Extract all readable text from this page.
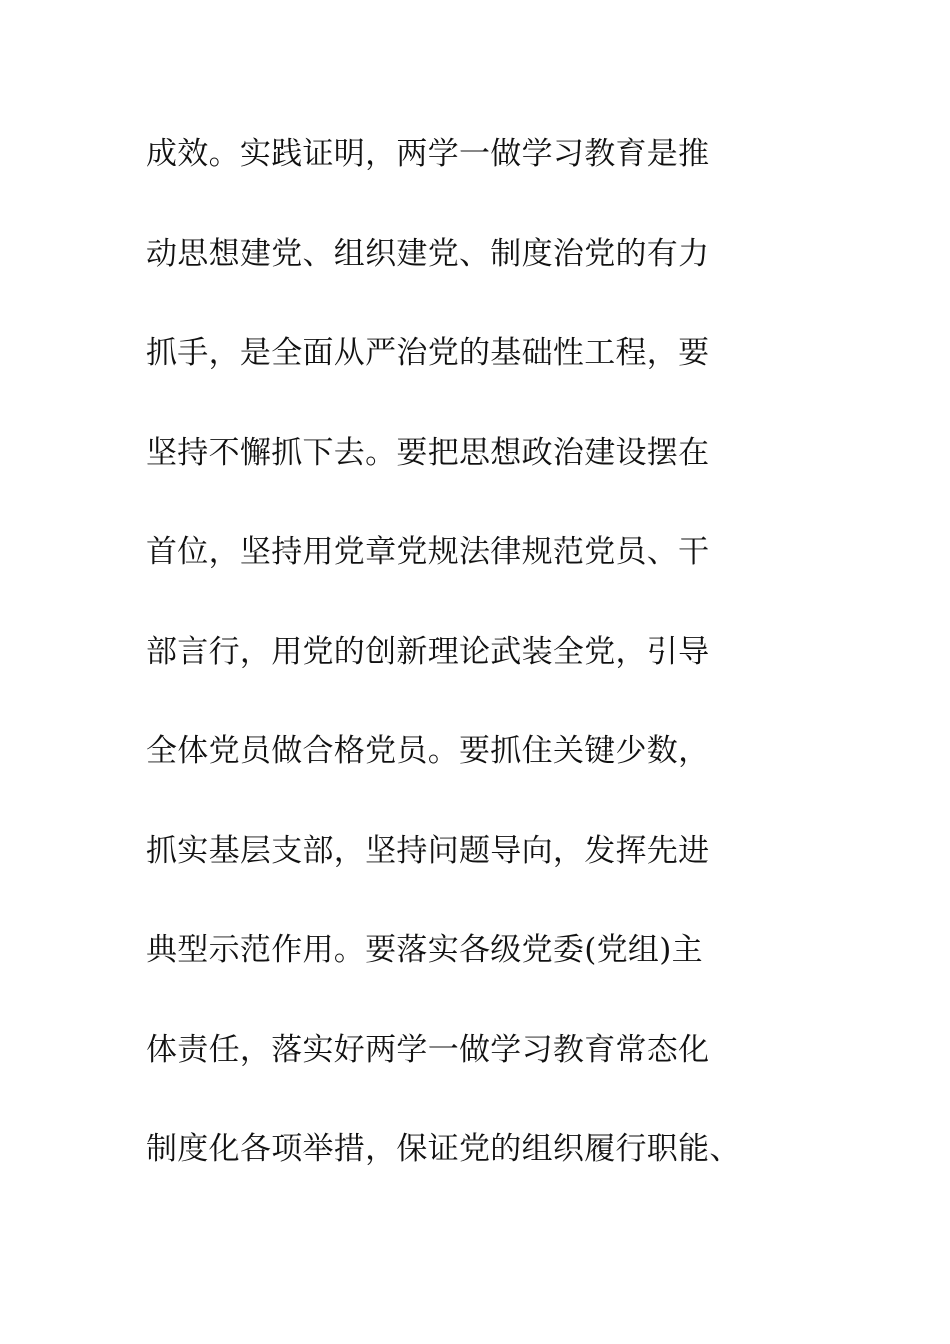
成效。实践证明，两学一做学习教育是推
动思想建党、组织建党、制度治党的有力
抓手，是全面从严治党的基础性工程，要
坚持不懈抓下去。要把思想政治建设摆在
首位，坚持用党章党规法律规范党员、干
部言行，用党的创新理论武装全党，引导
全体党员做合格党员。要抓住关键少数，
抓实基层支部，坚持问题导向，发挥先进
典型示范作用。要落实各级党委(党组)主
体责任，落实好两学一做学习教育常态化
制度化各项举措，保证党的组织履行职能、
